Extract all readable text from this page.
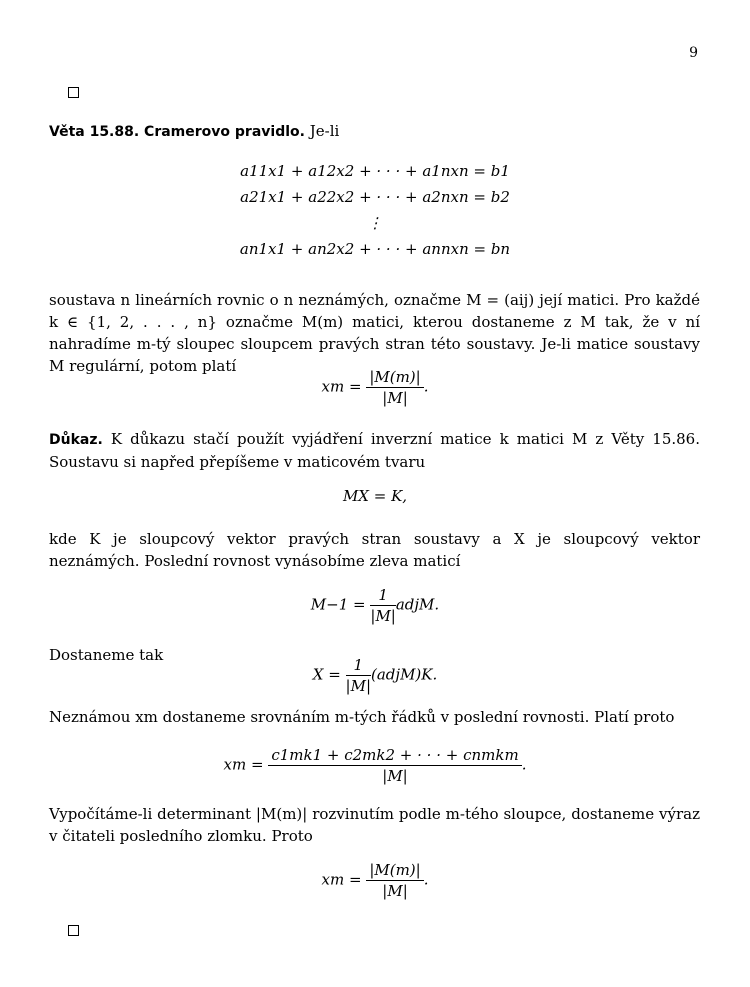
9
Věta 15.88. Cramerovo pravidlo. Je-li
a11x1 + a12x2 + · · · + a1nxn = b1
a21x1 + a22x2 + · · · + a2nxn = b2
⋮
an1x1 + an2x2 + · · · + annxn = bn
soustava n lineárních rovnic o n neznámých, označme M = (aij) její matici. Pro každé k ∈ {1, 2, . . . , n} označme M(m) matici, kterou dostaneme z M tak, že v ní nahradíme m-tý sloupec sloupcem pravých stran této soustavy. Je-li matice soustavy M regulární, potom platí
xm = $\frac{|M(m)|}{|M|}$ .
Důkaz. K důkazu stačí použít vyjádření inverzní matice k matici M z Věty 15.86. Soustavu si napřed přepíšeme v maticovém tvaru
MX = K,
kde K je sloupcový vektor pravých stran soustavy a X je sloupcový vektor neznámých. Poslední rovnost vynásobíme zleva maticí
$M-1 = \frac{1}{|M|}$ adjM.
Dostaneme tak
$X = \frac{1}{|M|}$ (adjM)K.
Neznámou xm dostaneme srovnáním m-tých řádků v poslední rovnosti. Platí proto
xm = $\frac{\text{c1mk1 + c2mk2 + · · · + cnmkm}}{|M|}$ .
Vypočítáme-li determinant |M(m)| rozvinutím podle m-tého sloupce, dostaneme výraz v čitateli posledního zlomku. Proto
xm = $\frac{|M(m)|}{|M|}$ .
